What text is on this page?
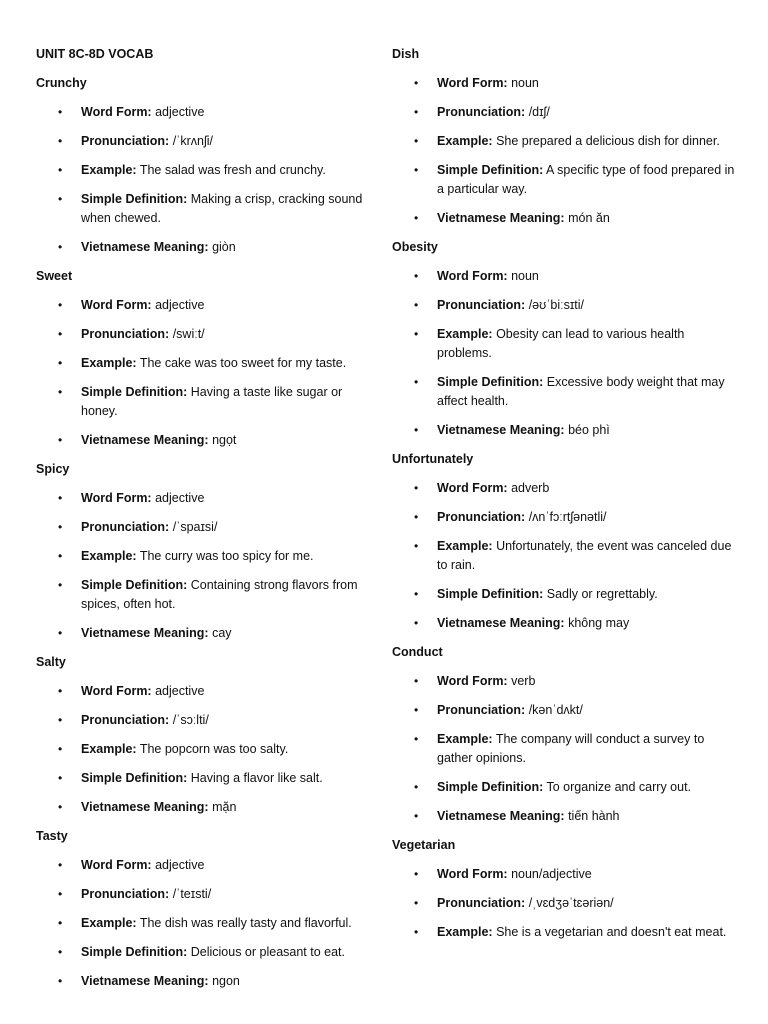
UNIT 8C-8D VOCAB

Crunchy

• Word Form: adjective
• Pronunciation: /ˈkrʌnʃi/
• Example: The salad was fresh and crunchy.
• Simple Definition: Making a crisp, cracking sound when chewed.
• Vietnamese Meaning: giòn

Sweet

• Word Form: adjective
• Pronunciation: /swiːt/
• Example: The cake was too sweet for my taste.
• Simple Definition: Having a taste like sugar or honey.
• Vietnamese Meaning: ngọt

Spicy

• Word Form: adjective
• Pronunciation: /ˈspaɪsi/
• Example: The curry was too spicy for me.
• Simple Definition: Containing strong flavors from spices, often hot.
• Vietnamese Meaning: cay

Salty

• Word Form: adjective
• Pronunciation: /ˈsɔːlti/
• Example: The popcorn was too salty.
• Simple Definition: Having a flavor like salt.
• Vietnamese Meaning: mặn

Tasty

• Word Form: adjective
• Pronunciation: /ˈteɪsti/
• Example: The dish was really tasty and flavorful.
• Simple Definition: Delicious or pleasant to eat.
• Vietnamese Meaning: ngon

Dish

• Word Form: noun
• Pronunciation: /dɪʃ/
• Example: She prepared a delicious dish for dinner.
• Simple Definition: A specific type of food prepared in a particular way.
• Vietnamese Meaning: món ăn

Obesity

• Word Form: noun
• Pronunciation: /əʊˈbiːsɪti/
• Example: Obesity can lead to various health problems.
• Simple Definition: Excessive body weight that may affect health.
• Vietnamese Meaning: béo phì

Unfortunately

• Word Form: adverb
• Pronunciation: /ʌnˈfɔːrtʃənətli/
• Example: Unfortunately, the event was canceled due to rain.
• Simple Definition: Sadly or regrettably.
• Vietnamese Meaning: không may

Conduct

• Word Form: verb
• Pronunciation: /kənˈdʌkt/
• Example: The company will conduct a survey to gather opinions.
• Simple Definition: To organize and carry out.
• Vietnamese Meaning: tiến hành

Vegetarian

• Word Form: noun/adjective
• Pronunciation: /ˌvɛdʒəˈtɛəriən/
• Example: She is a vegetarian and doesn't eat meat.
